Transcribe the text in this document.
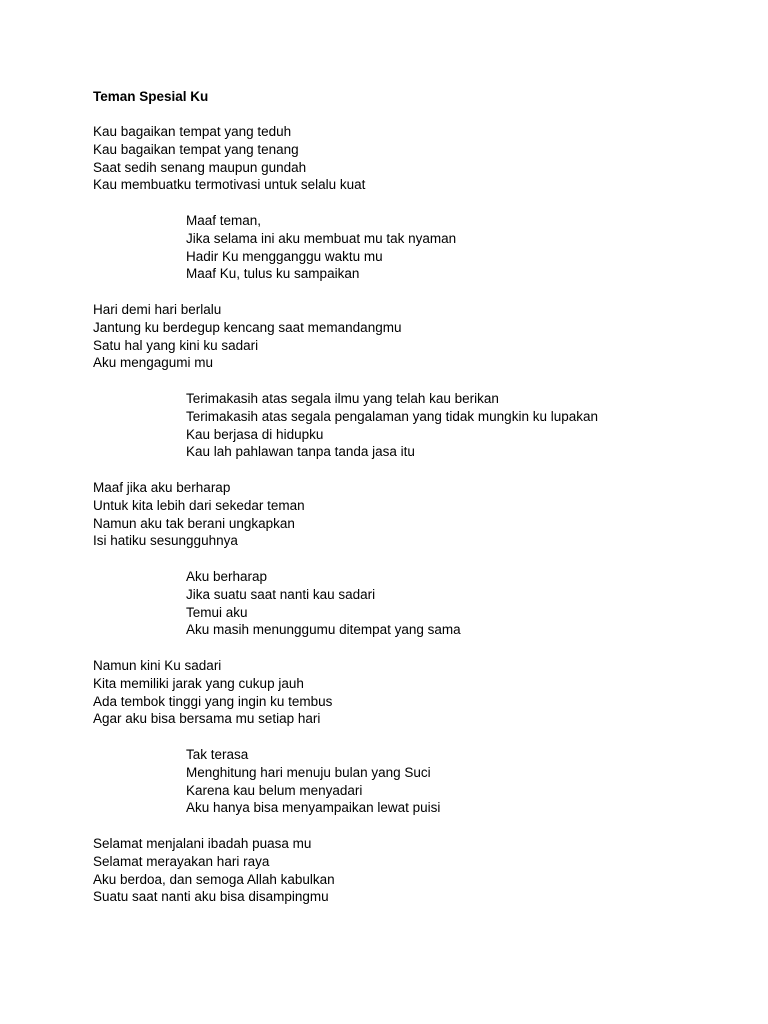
Teman Spesial Ku
Kau bagaikan tempat yang teduh
Kau bagaikan tempat yang tenang
Saat sedih senang maupun gundah
Kau membuatku termotivasi untuk selalu kuat
Maaf teman,
Jika selama ini aku membuat mu tak nyaman
Hadir Ku mengganggu waktu mu
Maaf Ku, tulus ku sampaikan
Hari demi hari berlalu
Jantung ku berdegup kencang saat memandangmu
Satu hal yang kini ku sadari
Aku mengagumi mu
Terimakasih atas segala ilmu yang telah kau berikan
Terimakasih atas segala pengalaman yang tidak mungkin ku lupakan
Kau berjasa di hidupku
Kau lah pahlawan tanpa tanda jasa itu
Maaf jika aku berharap
Untuk kita lebih dari sekedar teman
Namun aku tak berani ungkapkan
Isi hatiku sesungguhnya
Aku berharap
Jika suatu saat nanti kau sadari
Temui aku
Aku masih menunggumu ditempat yang sama
Namun kini Ku sadari
Kita memiliki jarak yang cukup jauh
Ada tembok tinggi yang ingin ku tembus
Agar aku bisa bersama mu setiap hari
Tak terasa
Menghitung hari menuju bulan yang Suci
Karena kau belum menyadari
Aku hanya bisa menyampaikan lewat puisi
Selamat menjalani ibadah puasa mu
Selamat merayakan hari raya
Aku berdoa, dan semoga Allah kabulkan
Suatu saat nanti aku bisa disampingmu
